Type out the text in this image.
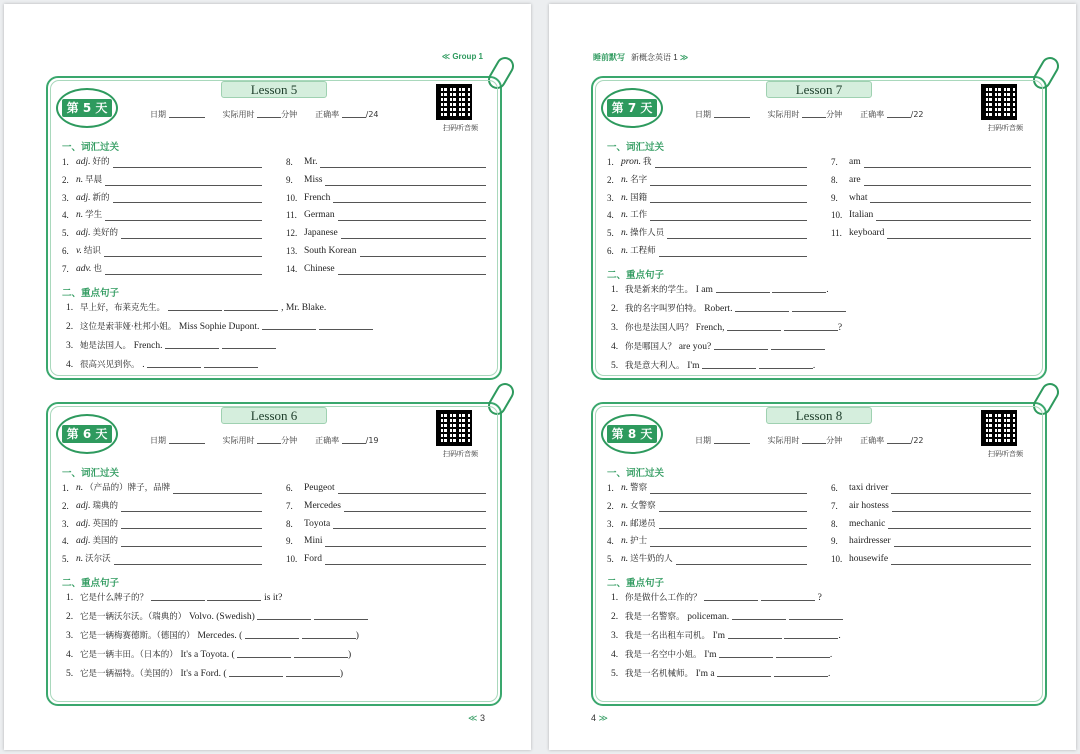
≪ Group 1
Lesson 5
第 5 天	日期	实际用时	分钟 正确率	/24
扫码听音频
一、词汇过关
1. adj. 好的
2. n. 早晨
3. adj. 新的
4. n. 学生
5. adj. 美好的
6. v. 结识
7. adv. 也
8.	Mr.
9.	Miss
10. French
11. German
12. Japanese
13. South Korean
14. Chinese
二、重点句子
1. 早上好，布莱克先生。	, Mr. Blake.
2. 这位是索菲娅·杜邦小姐。 Miss Sophie Dupont.
3. 她是法国人。 French.
4. 很高兴见到你。 .
Lesson 6
第 6 天	日期	实际用时	分钟 正确率	/19
扫码听音频
一、词汇过关
1. n. （产品的）牌子，品牌
2. adj. 瑞典的
3. adj. 英国的
4. adj. 美国的
5. n. 沃尔沃
6.	Peugeot
7.	Mercedes
8.	Toyota
9.	Mini
10. Ford
二、重点句子
1. 它是什么牌子的？	is it?
2. 它是一辆沃尔沃。（瑞典的） Volvo. (Swedish)
3. 它是一辆梅赛德斯。（德国的） Mercedes. (	)
4. 它是一辆丰田。（日本的） It's a Toyota. (	)
5. 它是一辆福特。（美国的） It's a Ford. (	)
≪ 3
睡前默写 新概念英语 1 ≫
Lesson 7
第 7 天	日期	实际用时	分钟 正确率	/22
扫码听音频
一、词汇过关
1. pron. 我
2. n. 名字
3. n. 国籍
4. n. 工作
5. n. 操作人员
6. n. 工程师
7.	am
8.	are
9.	what
10. Italian
11. keyboard
二、重点句子
1. 我是新来的学生。 I am	.
2. 我的名字叫罗伯特。 Robert.
3. 你也是法国人吗？ French,	?
4. 你是哪国人？ are you?
5. 我是意大利人。 I'm	.
Lesson 8
第 8 天	日期	实际用时	分钟 正确率	/22
扫码听音频
一、词汇过关
1. n. 警察
2. n. 女警察
3. n. 邮递员
4. n. 护士
5. n. 送牛奶的人
6.	taxi driver
7.	air hostess
8.	mechanic
9.	hairdresser
10. housewife
二、重点句子
1. 你是做什么工作的？	?
2. 我是一名警察。 policeman.
3. 我是一名出租车司机。 I'm	.
4. 我是一名空中小姐。 I'm	.
5. 我是一名机械师。 I'm a	.
4 ≫
